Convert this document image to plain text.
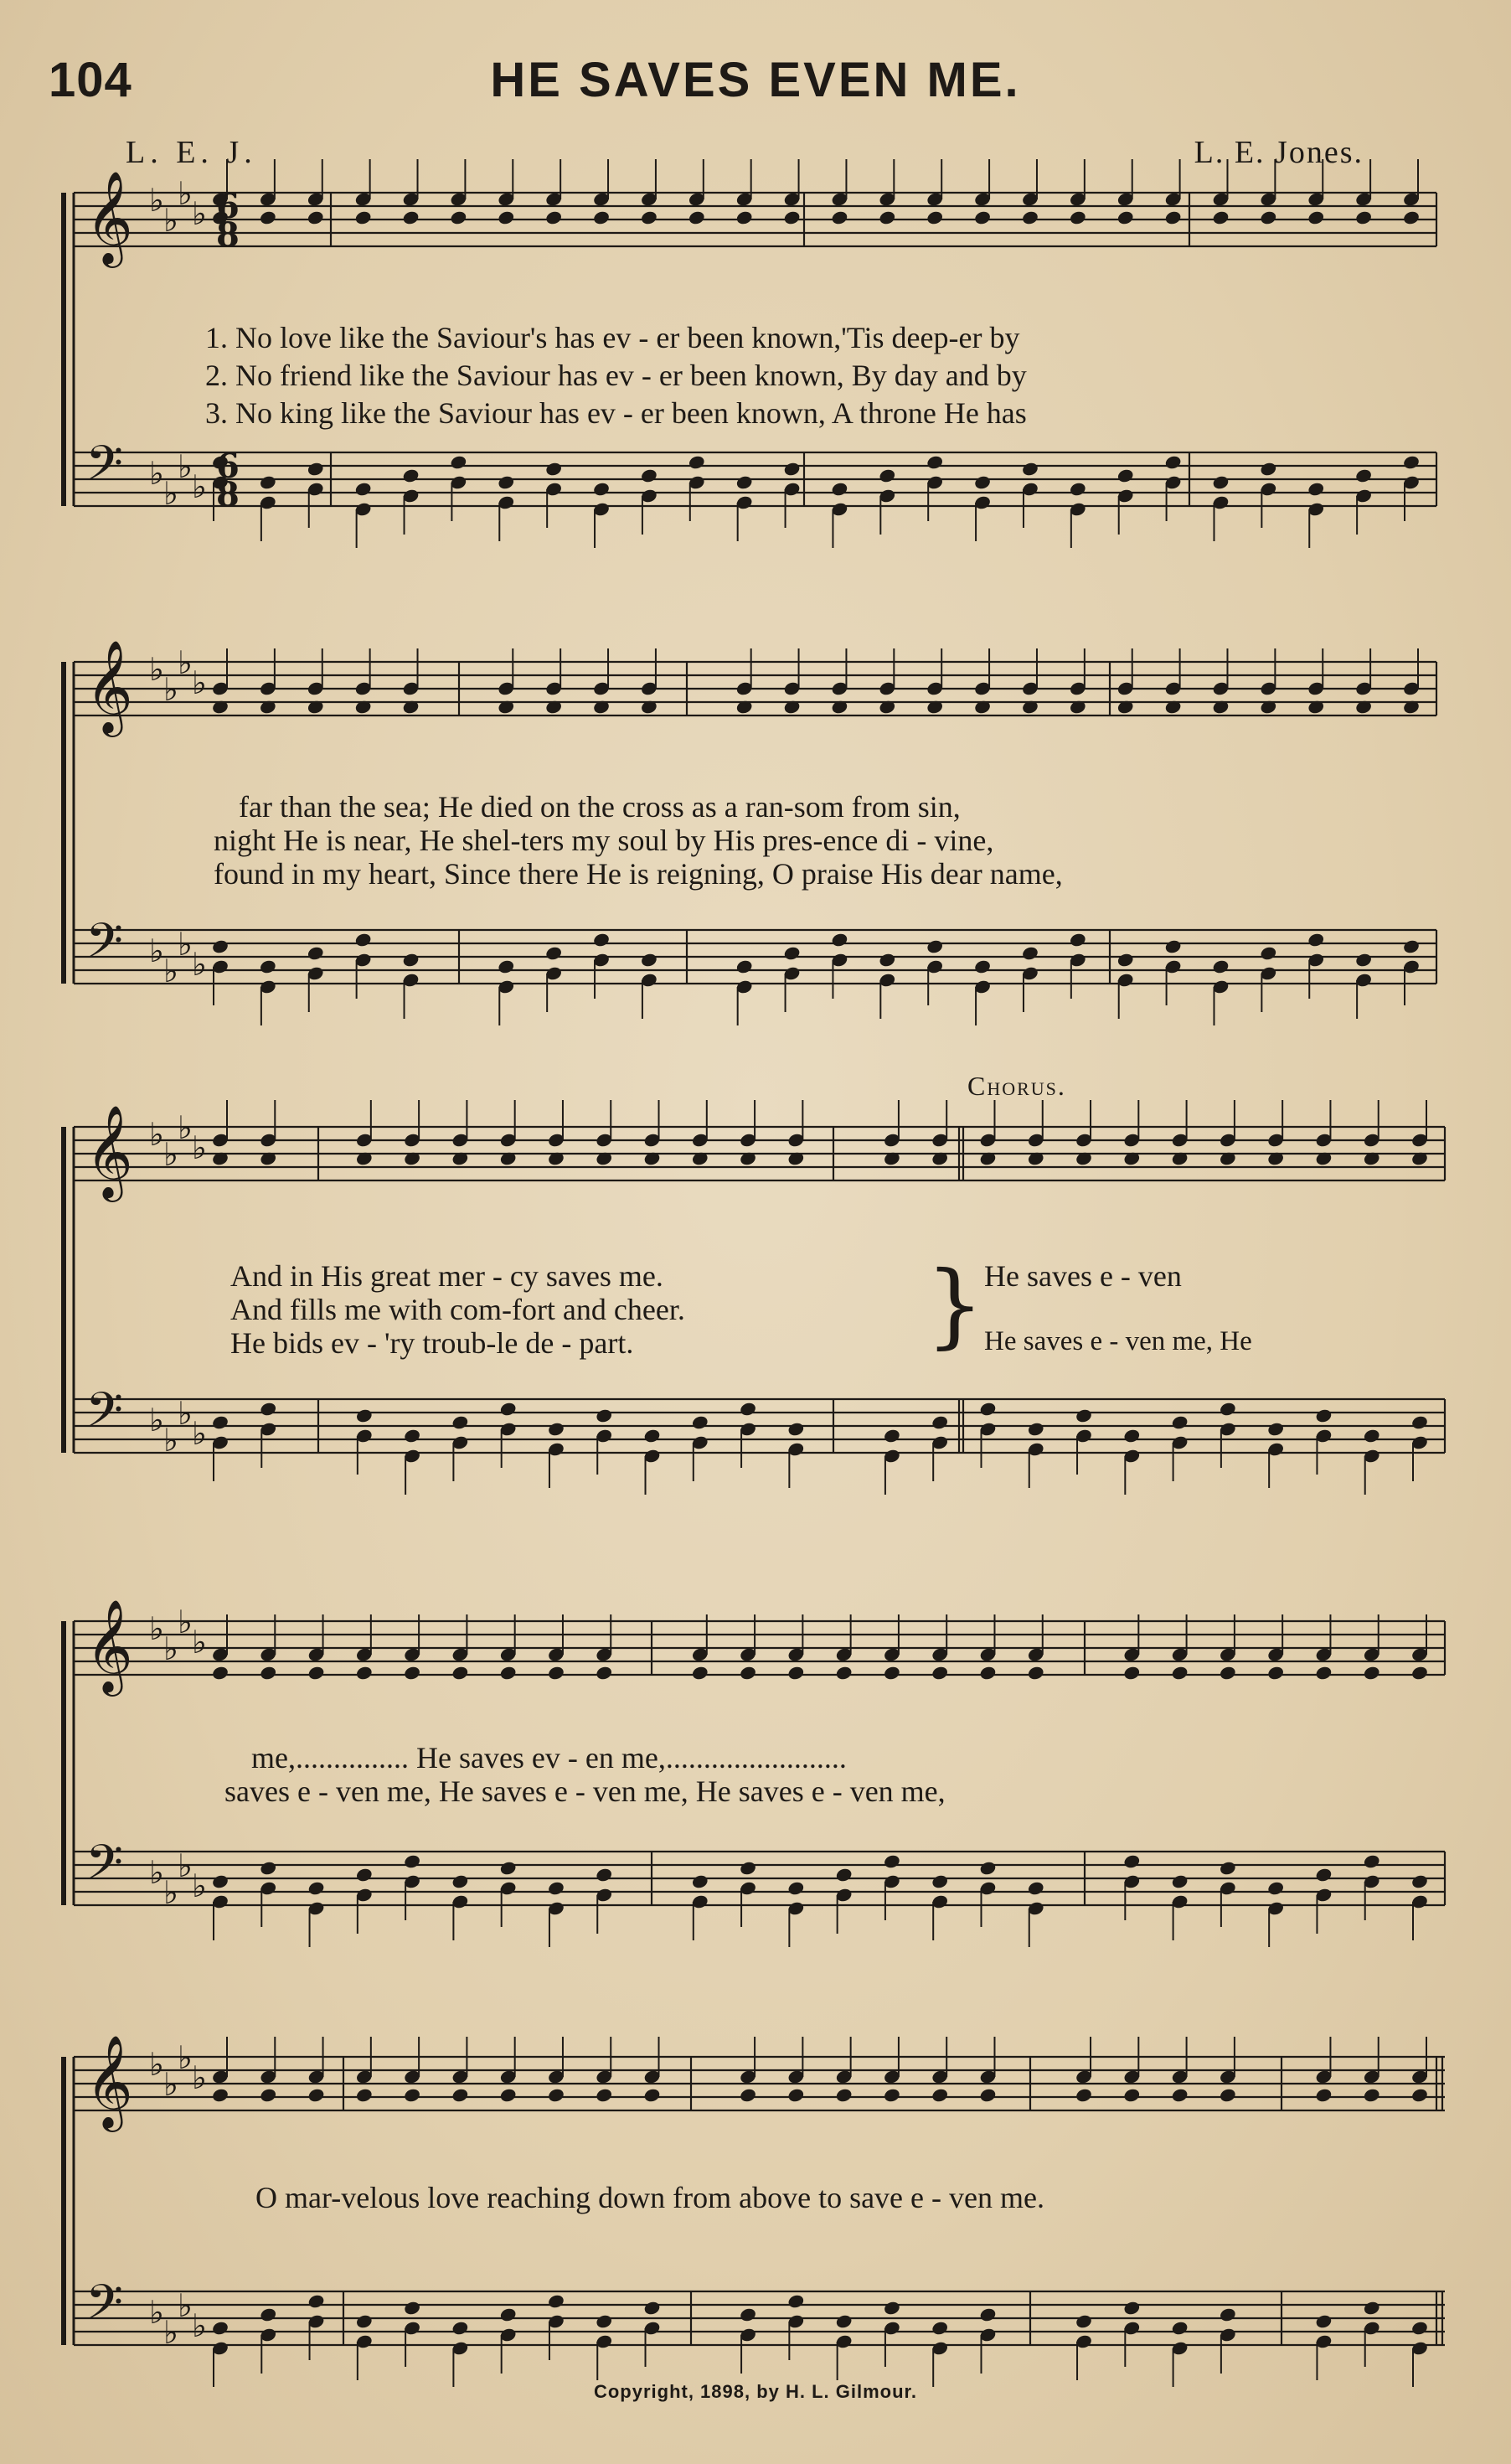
104	HE SAVES EVEN ME.
L. E. J.	L. E. Jones.
𝄞 ♭
♭
♭
♭
𝄢 ♭
♭
♭
♭
𝄞 ♭
♭
♭
♭
𝄢 ♭
♭
♭
♭
𝄞 ♭
♭
♭
♭
𝄢 ♭
♭
♭
♭
𝄞 ♭
♭
♭
♭
𝄢 ♭
♭
♭
♭
𝄞 ♭
♭
♭
♭
𝄢 ♭
♭
♭
♭
6
8
6
8
}
1. No love like the Saviour's has ev - er been known,'Tis deep-er by
2. No friend like the Saviour has ev - er been known, By day and by
3. No king like the Saviour has ev - er been known, A throne He has
far than the sea; He died on the cross as a ran-som from sin,
night He is near, He shel-ters my soul by His pres-ence di - vine,
found in my heart, Since there He is reigning, O praise His dear name,
Chorus.
And in His great mer - cy saves me.
And fills me with com-fort and cheer.
He bids ev - 'ry troub-le de - part.
He saves e - ven
He saves e - ven me, He
me,............... He saves ev - en me,........................
saves e - ven me, He saves e - ven me, He saves e - ven me,
O mar-velous love reaching down from above to save e - ven me.
Copyright, 1898, by H. L. Gilmour.
